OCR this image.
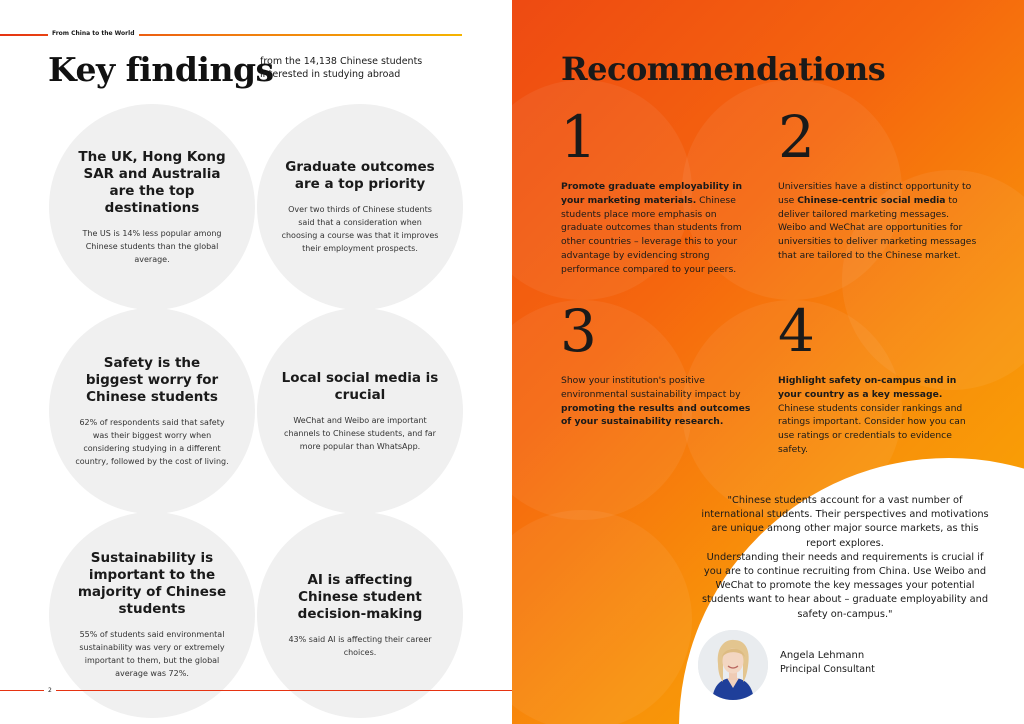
From China to the World
Key findings
from the 14,138 Chinese students interested in studying abroad
The UK, Hong Kong SAR and Australia are the top destinations

The US is 14% less popular among Chinese students than the global average.

Graduate outcomes are a top priority

Over two thirds of Chinese students said that a consideration when choosing a course was that it improves their employment prospects.

Safety is the biggest worry for Chinese students

62% of respondents said that safety was their biggest worry when considering studying in a different country, followed by the cost of living.

Local social media is crucial

WeChat and Weibo are important channels to Chinese students, and far more popular than WhatsApp.

Sustainability is important to the majority of Chinese students

55% of students said environmental sustainability was very or extremely important to them, but the global average was 72%.

AI is affecting Chinese student decision-making

43% said AI is affecting their career choices.

2
Recommendations
1
Promote graduate employability in your marketing materials. Chinese students place more emphasis on graduate outcomes than students from other countries – leverage this to your advantage by evidencing strong performance compared to your peers.
2
Universities have a distinct opportunity to use Chinese-centric social media to deliver tailored marketing messages. Weibo and WeChat are opportunities for universities to deliver marketing messages that are tailored to the Chinese market.
3
Show your institution's positive environmental sustainability impact by promoting the results and outcomes of your sustainability research.
4
Highlight safety on-campus and in your country as a key message. Chinese students consider rankings and ratings important. Consider how you can use ratings or credentials to evidence safety.

"Chinese students account for a vast number of international students. Their perspectives and motivations are unique among other major source markets, as this report explores.

Understanding their needs and requirements is crucial if you are to continue recruiting from China. Use Weibo and WeChat to promote the key messages your potential students want to hear about – graduate employability and safety on-campus."

Angela Lehmann
Principal Consultant
